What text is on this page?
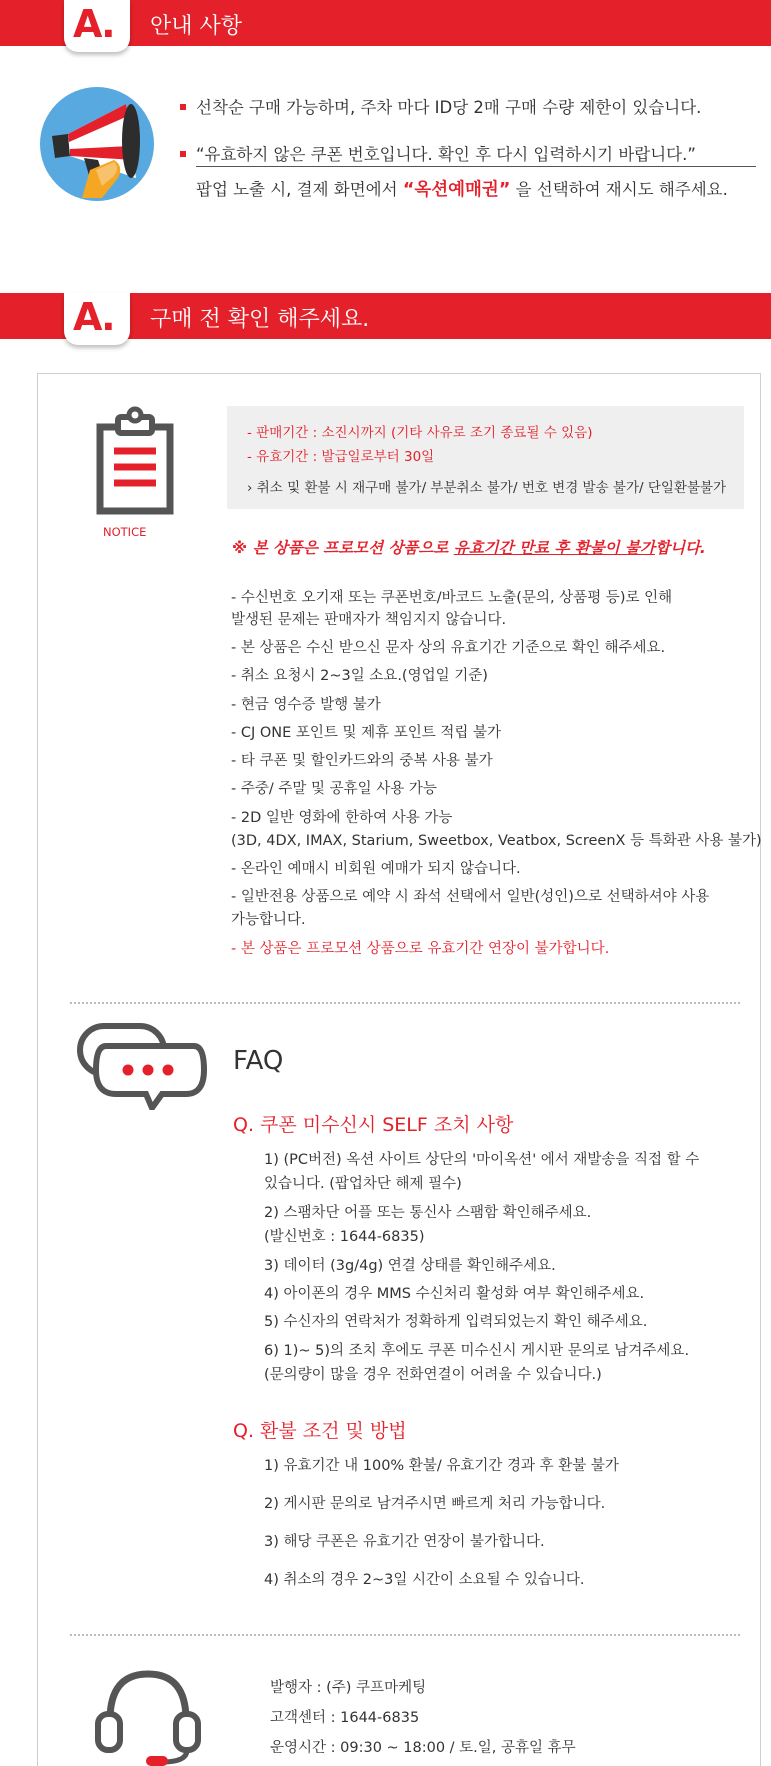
A. 안내 사항
선착순 구매 가능하며, 주차 마다 ID당 2매 구매 수량 제한이 있습니다.
“유효하지 않은 쿠폰 번호입니다. 확인 후 다시 입력하시기 바랍니다.”
팝업 노출 시, 결제 화면에서 “옥션예매권” 을 선택하여 재시도 해주세요.
A. 구매 전 확인 해주세요.
NOTICE
- 판매기간 : 소진시까지 (기타 사유로 조기 종료될 수 있음)
- 유효기간 : 발급일로부터 30일
› 취소 및 환불 시 재구매 불가/ 부분취소 불가/ 번호 변경 발송 불가/ 단일환불불가
※ 본 상품은 프로모션 상품으로 유효기간 만료 후 환불이 불가합니다.
- 수신번호 오기재 또는 쿠폰번호/바코드 노출(문의, 상품평 등)로 인해
발생된 문제는 판매자가 책임지지 않습니다.
- 본 상품은 수신 받으신 문자 상의 유효기간 기준으로 확인 해주세요.
- 취소 요청시 2~3일 소요.(영업일 기준)
- 현금 영수증 발행 불가
- CJ ONE 포인트 및 제휴 포인트 적립 불가
- 타 쿠폰 및 할인카드와의 중복 사용 불가
- 주중/ 주말 및 공휴일 사용 가능
- 2D 일반 영화에 한하여 사용 가능
(3D, 4DX, IMAX, Starium, Sweetbox, Veatbox, ScreenX 등 특화관 사용 불가)
- 온라인 예매시 비회원 예매가 되지 않습니다.
- 일반전용 상품으로 예약 시 좌석 선택에서 일반(성인)으로 선택하셔야 사용
가능합니다.
- 본 상품은 프로모션 상품으로 유효기간 연장이 불가합니다.
FAQ
Q. 쿠폰 미수신시 SELF 조치 사항
1) (PC버전) 옥션 사이트 상단의 '마이옥션' 에서 재발송을 직접 할 수
있습니다. (팝업차단 해제 필수)
2) 스팸차단 어플 또는 통신사 스팸함 확인해주세요.
(발신번호 : 1644-6835)
3) 데이터 (3g/4g) 연결 상태를 확인해주세요.
4) 아이폰의 경우 MMS 수신처리 활성화 여부 확인해주세요.
5) 수신자의 연락처가 정확하게 입력되었는지 확인 해주세요.
6) 1)~ 5)의 조치 후에도 쿠폰 미수신시 게시판 문의로 남겨주세요.
(문의량이 많을 경우 전화연결이 어려울 수 있습니다.)
Q. 환불 조건 및 방법
1) 유효기간 내 100% 환불/ 유효기간 경과 후 환불 불가
2) 게시판 문의로 남겨주시면 빠르게 처리 가능합니다.
3) 해당 쿠폰은 유효기간 연장이 불가합니다.
4) 취소의 경우 2~3일 시간이 소요될 수 있습니다.
발행자 : (주) 쿠프마케팅
고객센터 : 1644-6835
운영시간 : 09:30 ~ 18:00 / 토.일, 공휴일 휴무
